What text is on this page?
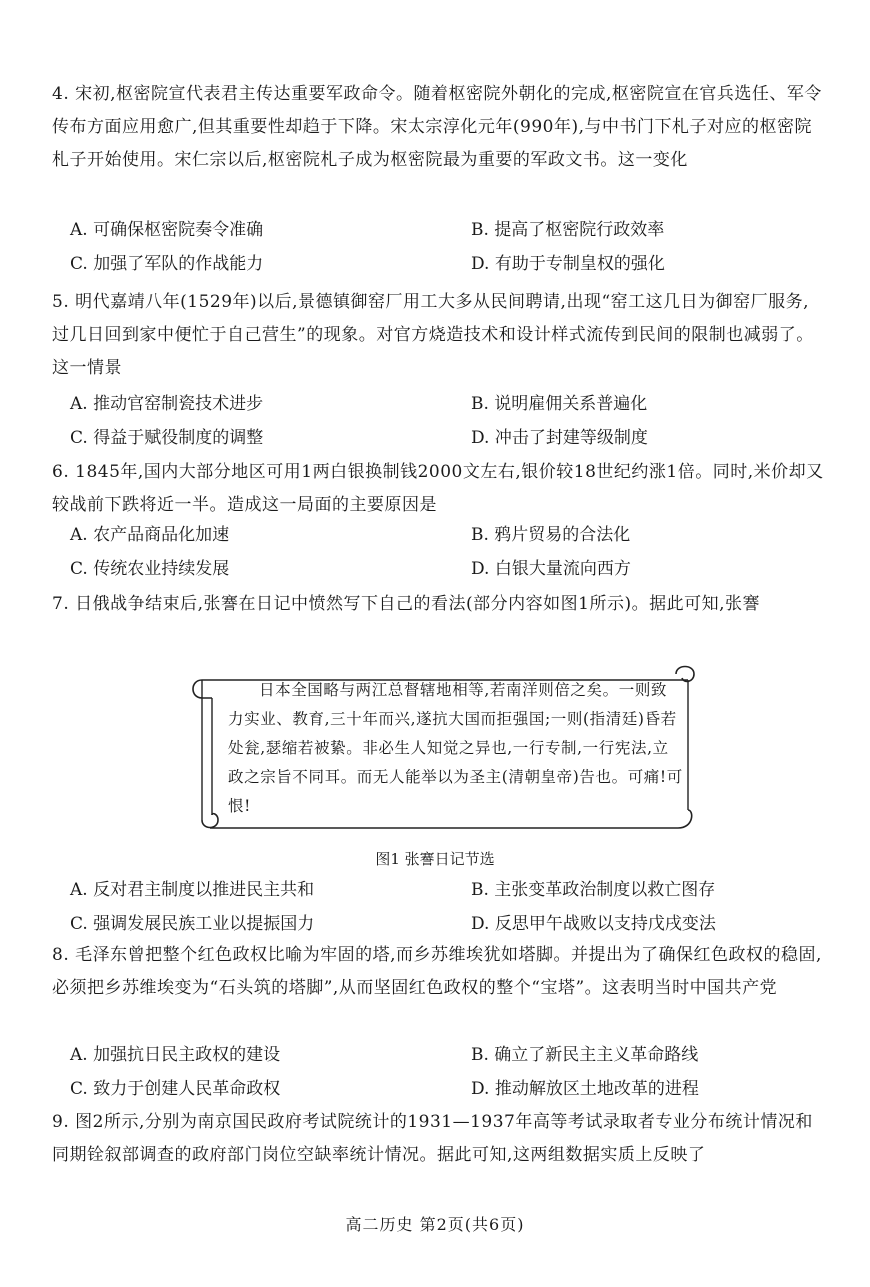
4. 宋初,枢密院宣代表君主传达重要军政命令。随着枢密院外朝化的完成,枢密院宣在官兵选任、军令传布方面应用愈广,但其重要性却趋于下降。宋太宗淳化元年(990年),与中书门下札子对应的枢密院札子开始使用。宋仁宗以后,枢密院札子成为枢密院最为重要的军政文书。这一变化

A. 可确保枢密院奏令准确	B. 提高了枢密院行政效率
C. 加强了军队的作战能力	D. 有助于专制皇权的强化

5. 明代嘉靖八年(1529年)以后,景德镇御窑厂用工大多从民间聘请,出现“窑工这几日为御窑厂服务,过几日回到家中便忙于自己营生”的现象。对官方烧造技术和设计样式流传到民间的限制也减弱了。这一情景

A. 推动官窑制瓷技术进步	B. 说明雇佣关系普遍化
C. 得益于赋役制度的调整	D. 冲击了封建等级制度

6. 1845年,国内大部分地区可用1两白银换制钱2000文左右,银价较18世纪约涨1倍。同时,米价却又较战前下跌将近一半。造成这一局面的主要原因是

A. 农产品商品化加速	B. 鸦片贸易的合法化
C. 传统农业持续发展	D. 白银大量流向西方

7. 日俄战争结束后,张謇在日记中愤然写下自己的看法(部分内容如图1所示)。据此可知,张謇

日本全国略与两江总督辖地相等,若南洋则倍之矣。一则致力实业、教育,三十年而兴,遂抗大国而拒强国;一则(指清廷)昏若处瓮,瑟缩若被絷。非必生人知觉之异也,一行专制,一行宪法,立政之宗旨不同耳。而无人能举以为圣主(清朝皇帝)告也。可痛!可恨!
图1 张謇日记节选
A. 反对君主制度以推进民主共和	B. 主张变革政治制度以救亡图存
C. 强调发展民族工业以提振国力	D. 反思甲午战败以支持戊戌变法

8. 毛泽东曾把整个红色政权比喻为牢固的塔,而乡苏维埃犹如塔脚。并提出为了确保红色政权的稳固,必须把乡苏维埃变为“石头筑的塔脚”,从而坚固红色政权的整个“宝塔”。这表明当时中国共产党

A. 加强抗日民主政权的建设	B. 确立了新民主主义革命路线
C. 致力于创建人民革命政权	D. 推动解放区土地改革的进程

9. 图2所示,分别为南京国民政府考试院统计的1931—1937年高等考试录取者专业分布统计情况和同期铨叙部调查的政府部门岗位空缺率统计情况。据此可知,这两组数据实质上反映了

高二历史 第2页(共6页)
